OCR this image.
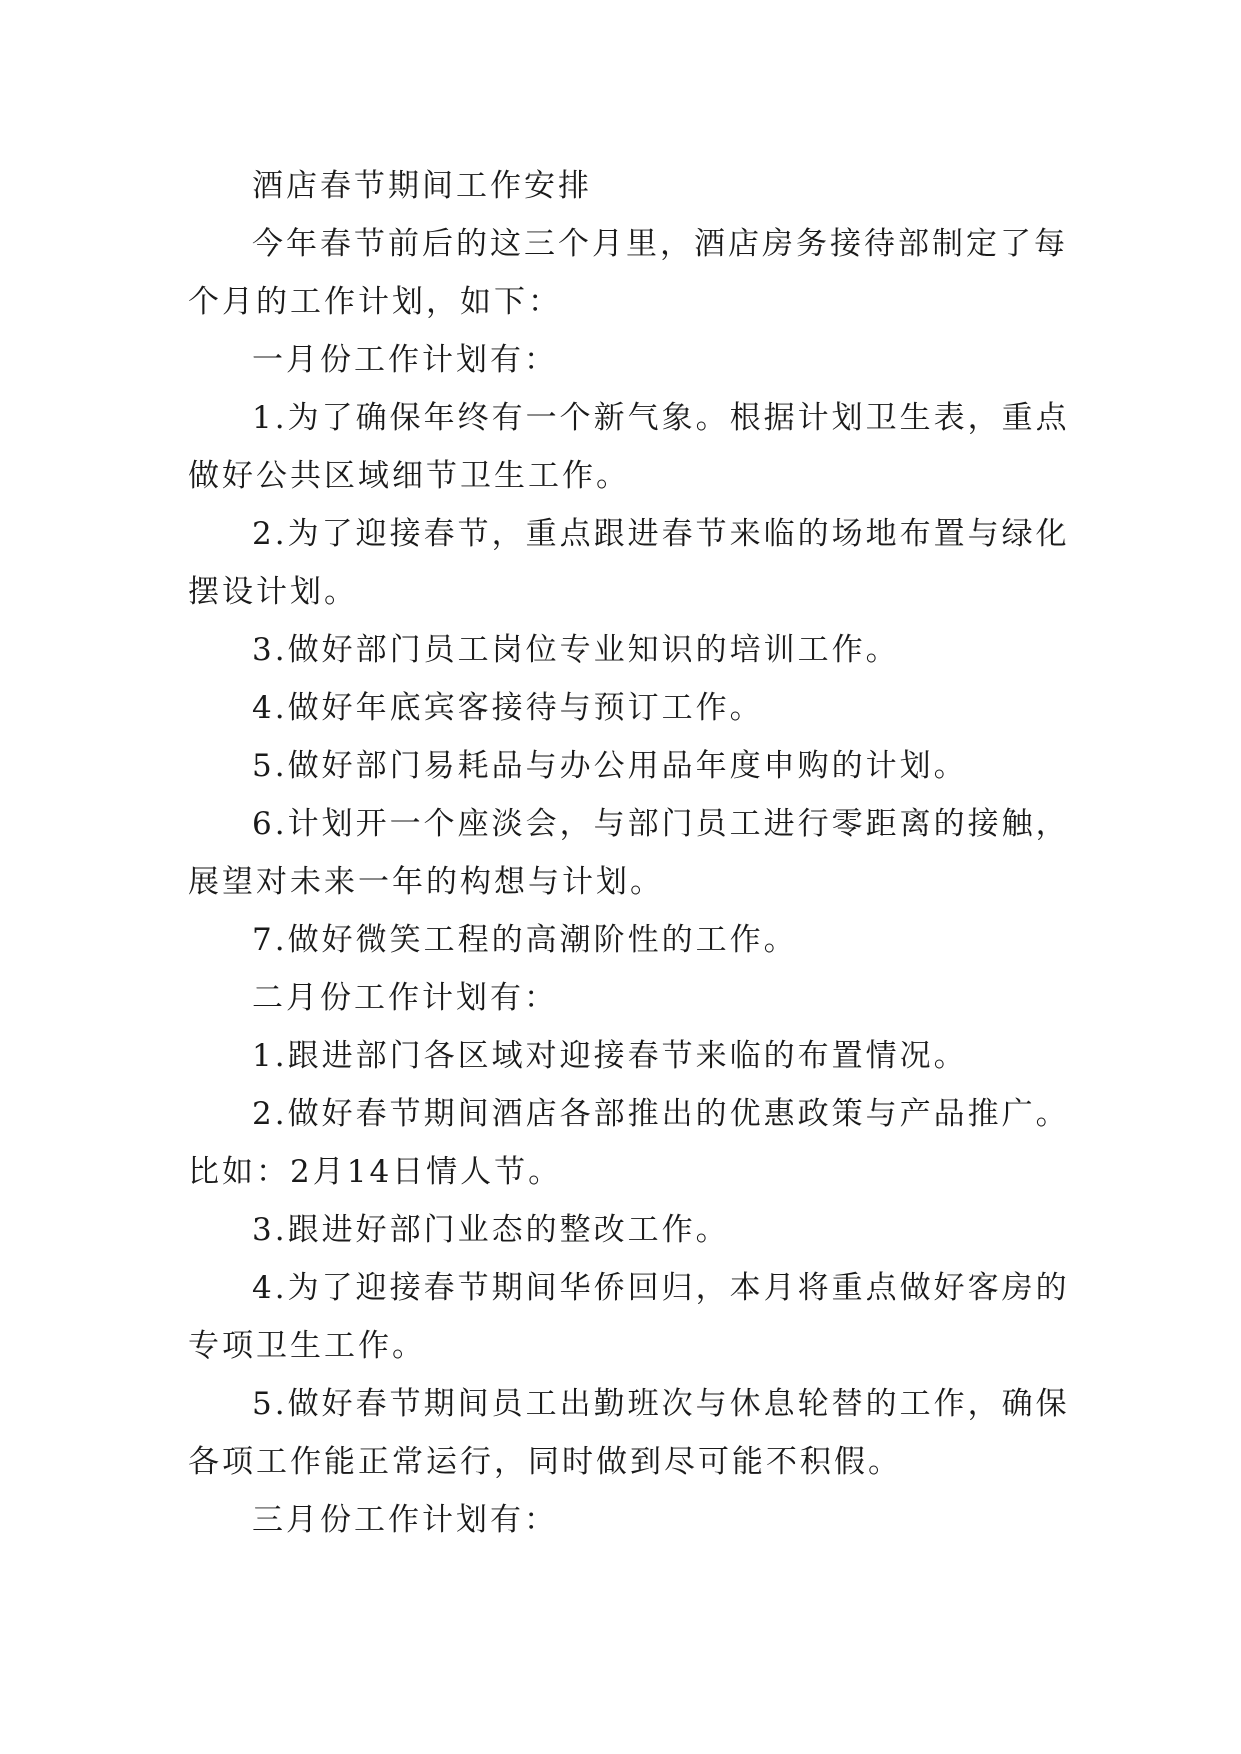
酒店春节期间工作安排
今年春节前后的这三个月里，酒店房务接待部制定了每
个月的工作计划，如下：
一月份工作计划有：
1.为了确保年终有一个新气象。根据计划卫生表，重点
做好公共区域细节卫生工作。
2.为了迎接春节，重点跟进春节来临的场地布置与绿化
摆设计划。
3.做好部门员工岗位专业知识的培训工作。
4.做好年底宾客接待与预订工作。
5.做好部门易耗品与办公用品年度申购的计划。
6.计划开一个座淡会，与部门员工进行零距离的接触，
展望对未来一年的构想与计划。
7.做好微笑工程的高潮阶性的工作。
二月份工作计划有：
1.跟进部门各区域对迎接春节来临的布置情况。
2.做好春节期间酒店各部推出的优惠政策与产品推广。
比如：2月14日情人节。
3.跟进好部门业态的整改工作。
4.为了迎接春节期间华侨回归，本月将重点做好客房的
专项卫生工作。
5.做好春节期间员工出勤班次与休息轮替的工作，确保
各项工作能正常运行，同时做到尽可能不积假。
三月份工作计划有：
